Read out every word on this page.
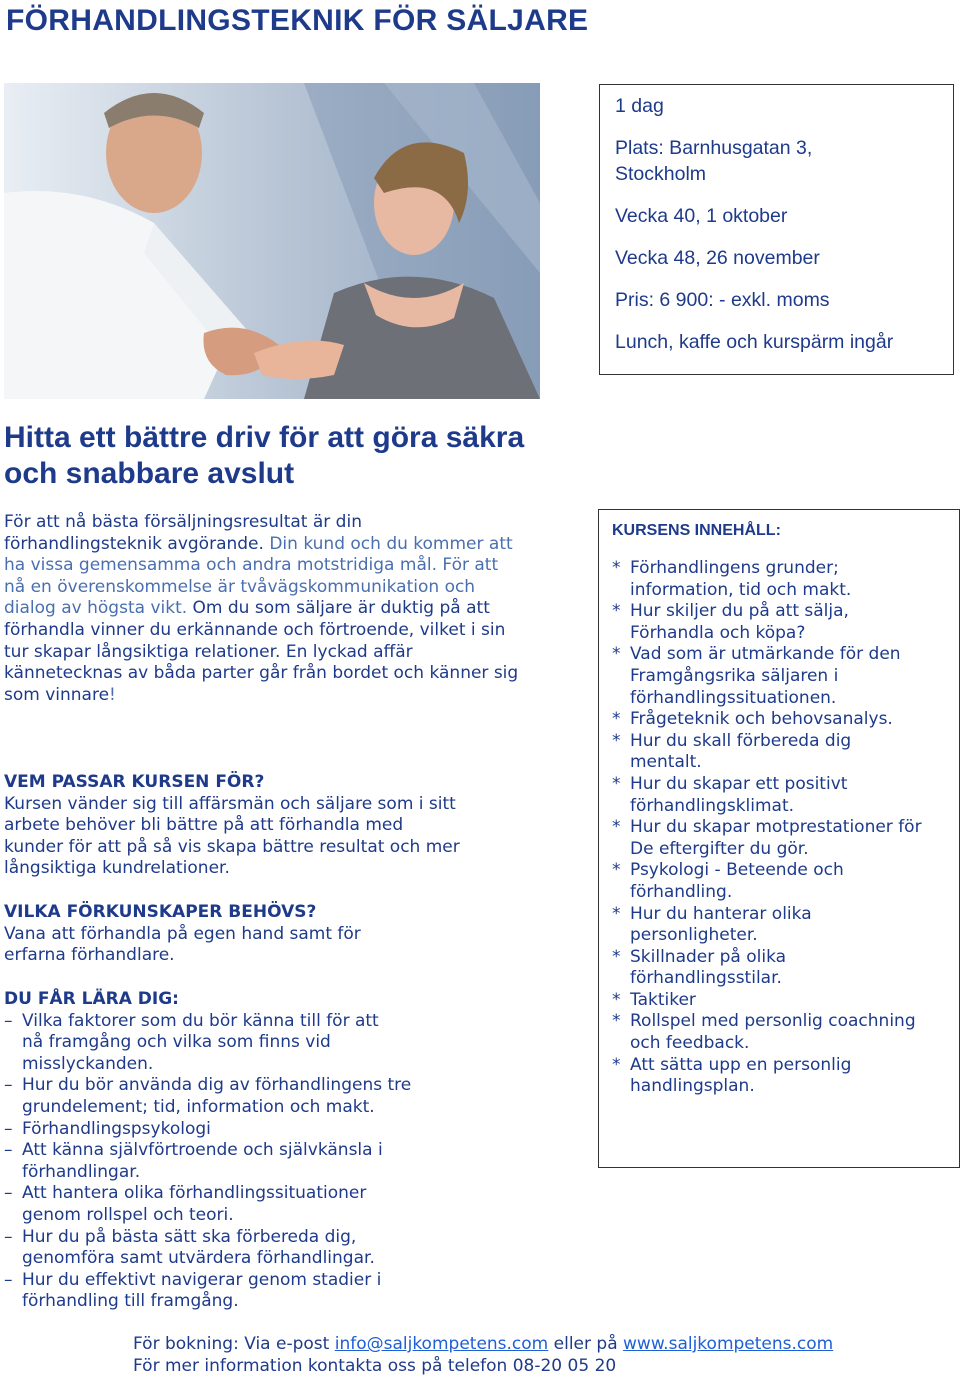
FÖRHANDLINGSTEKNIK FÖR SÄLJARE

1 dag

Plats: Barnhusgatan 3, Stockholm

Vecka 40, 1 oktober

Vecka 48, 26 november

Pris: 6 900: - exkl. moms

Lunch, kaffe och kurspärm ingår

Hitta ett bättre driv för att göra säkra och snabbare avslut

För att nå bästa försäljningsresultat är din förhandlingsteknik avgörande. Din kund och du kommer att ha vissa gemensamma och andra motstridiga mål. För att nå en överenskommelse är tvåvägskommunikation och dialog av högsta vikt. Om du som säljare är duktig på att förhandla vinner du erkännande och förtroende, vilket i sin tur skapar långsiktiga relationer. En lyckad affär kännetecknas av båda parter går från bordet och känner sig som vinnare!

VEM PASSAR KURSEN FÖR?

Kursen vänder sig till affärsmän och säljare som i sitt arbete behöver bli bättre på att förhandla med kunder för att på så vis skapa bättre resultat och mer långsiktiga kundrelationer.

VILKA FÖRKUNSKAPER BEHÖVS?

Vana att förhandla på egen hand samt för erfarna förhandlare.

DU FÅR LÄRA DIG:
– Vilka faktorer som du bör känna till för att nå framgång och vilka som finns vid misslyckanden.
– Hur du bör använda dig av förhandlingens tre grundelement; tid, information och makt.
– Förhandlingspsykologi
– Att känna självförtroende och självkänsla i förhandlingar.
– Att hantera olika förhandlingssituationer genom rollspel och teori.
– Hur du på bästa sätt ska förbereda dig, genomföra samt utvärdera förhandlingar.
– Hur du effektivt navigerar genom stadier i förhandling till framgång.
KURSENS INNEHÅLL:
* Förhandlingens grunder; information, tid och makt.
* Hur skiljer du på att sälja, Förhandla och köpa?
* Vad som är utmärkande för den Framgångsrika säljaren i förhandlingssituationen.
* Frågeteknik och behovsanalys.
* Hur du skall förbereda dig mentalt.
* Hur du skapar ett positivt förhandlingsklimat.
* Hur du skapar motprestationer för De eftergifter du gör.
* Psykologi - Beteende och förhandling.
* Hur du hanterar olika personligheter.
* Skillnader på olika förhandlingsstilar.
* Taktiker
* Rollspel med personlig coachning och feedback.
* Att sätta upp en personlig handlingsplan.

För bokning: Via e-post info@saljkompetens.com eller på www.saljkompetens.com
För mer information kontakta oss på telefon 08-20 05 20
